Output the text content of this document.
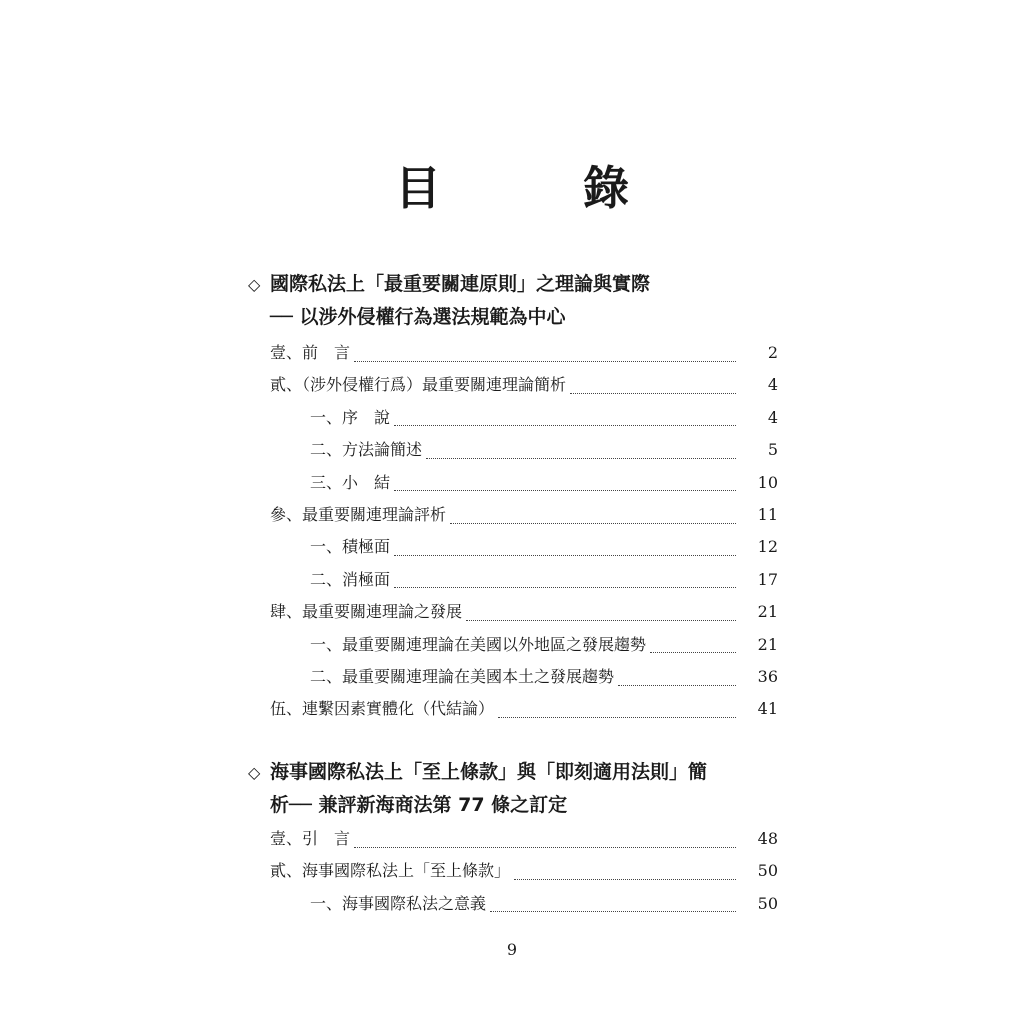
目　錄
◇ 國際私法上「最重要關連原則」之理論與實際
── 以涉外侵權行為選法規範為中心
壹、前　言	2
貳、（涉外侵權行爲）最重要關連理論簡析	4
一、序　說	4
二、方法論簡述	5
三、小　結	10
參、最重要關連理論評析	11
一、積極面	12
二、消極面	17
肆、最重要關連理論之發展	21
一、最重要關連理論在美國以外地區之發展趨勢	21
二、最重要關連理論在美國本土之發展趨勢	36
伍、連繫因素實體化（代結論）	41
◇ 海事國際私法上「至上條款」與「即刻適用法則」簡
析── 兼評新海商法第 77 條之訂定
壹、引　言	48
貳、海事國際私法上「至上條款」	50
一、海事國際私法之意義	50
9
